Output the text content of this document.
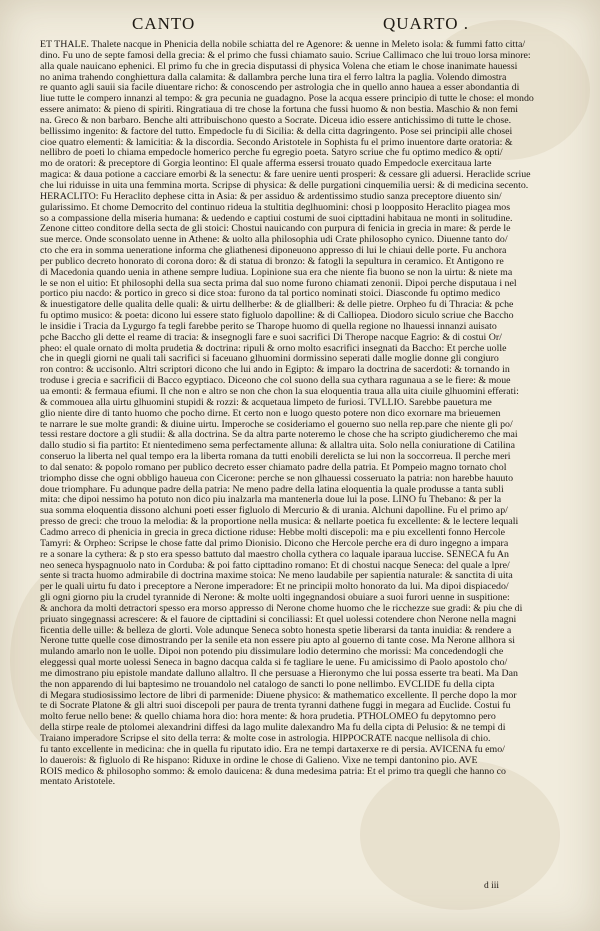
CANTO	QUARTO .
ET THALE. Thalete nacque in Phenicia della nobile schiatta del re Agenore: & uenne in Meleto isola: & fummi fatto citta/
dino. Fu uno de septe famosi della grecia: & el primo che fussi chiamato sauio. Scriue Callimaco che lui trouo lorsa minore:
alla quale nauicano ephenici. El primo fu che in grecia disputassi di physica Volena che etiam le chose inanimate hauessi
no anima trahendo conghiettura dalla calamita: & dallambra perche luna tira el ferro laltra la paglia. Volendo dimostra
re quanto agli sauii sia facile diuentare richo: & conoscendo per astrologia che in quello anno hauea a esser abondantia di
liue tutte le compero innanzi al tempo: & gra pecunia ne guadagno. Pose la acqua essere principio di tutte le chose: el mondo
essere animato: & pieno di spiriti. Ringratiaua di tre chose la fortuna che fussi huomo & non bestia. Maschio & non femi
na. Greco & non barbaro. Benche alti attribuischono questo a Socrate. Diceua idio essere antichissimo di tutte le chose.
bellissimo ingenito: & factore del tutto. Empedocle fu di Sicilia: & della citta dagringento. Pose sei principii alle chosei
cioe quatro elementi: & lamicitia: & la discordia. Secondo Aristotele in Sophista fu el primo inuentore darte oratoria: &
nellibro de poeti lo chiama empedocle homerico perche fu egregio poeta. Satyro scriue che fu optimo medico & opti/
mo de oratori: & preceptore di Gorgia leontino: El quale afferma essersi trouato quado Empedocle exercitaua larte
magica: & daua potione a cacciare emorbi & la senectu: & fare uenire uenti prosperi: & cessare gli aduersi. Heraclide scriue
che lui riduisse in uita una femmina morta. Scripse di physica: & delle purgationi cinquemilia uersi: & di medicina secento.
HERACLITO: Fu Heraclito dephese citta in Asia: & per assiduo & ardentissimo studio sanza preceptore diuento sin/
gularissimo. Et chome Democrito del continuo rideua la stultitia deglhuomini: chosi p loopposito Heraclito piagea mos
so a compassione della miseria humana: & uedendo e captiui costumi de suoi cipttadini habitaua ne monti in solitudine.
Zenone citteo conditore della secta de gli stoici: Chostui nauicando con purpura di fenicia in grecia in mare: & perde le
sue merce. Onde sconsolato uenne in Athene: & uolto alla philosophia udi Crate philosopho cynico. Diuenne tanto do/
cto che era in somma ueneratione informa che gliathenesi diponeuono appresso di lui le chiaui delle porte. Fu anchora
per publico decreto honorato di corona doro: & di statua di bronzo: & fatogli la sepultura in ceramico. Et Antigono re
di Macedonia quando uenia in athene sempre ludiua. Lopinione sua era che niente fia buono se non la uirtu: & niete ma
le se non el uitio: Et philosophi della sua secta prima dal suo nome furono chiamati zenonii. Dipoi perche disputaua i nel
portico piu nacdo: & portico in greco si dice stoa: furono da tal portico nominati stoici. Diasconde fu optimo medico
& inuestigatore delle qualita delle quali: & uirtu dellherbe: & de gliallberi: & delle pietre. Orpheo fu di Thracia: & pche
fu optimo musico: & poeta: dicono lui essere stato figluolo dapolline: & di Calliopea. Diodoro siculo scriue che Baccho
le insidie i Tracia da Lygurgo fa tegli farebbe perito se Tharope huomo di quella regione no lhauessi innanzi auisato
pche Baccho gli dette el reame di tracia: & insegnogli fare e suoi sacrifici Di Therope nacque Eagrio: & di costui Or/
pheo: el quale ornato di molta prudetia & doctrina: ripuli & orno molto esacrifici insegnati da Baccho: Et perche uolle
che in quegli giorni ne quali tali sacrifici si faceuano glhuomini dormissino seperati dalle moglie donne gli congiuro
ron contro: & uccisonlo. Altri scriptori dicono che lui ando in Egipto: & imparo la doctrina de sacerdoti: & tornando in
troduse i grecia e sacrificii di Bacco egyptiaco. Diceono che col suono della sua cythara ragunaua a se le fiere: & moue
ua emonti: & fermaua efiumi. Il che non e altro se non che chon la sua eloquentia traua alla uita ciuile glhuomini efferati:
& commouea alla uirtu glhuomini stupidi & rozzi: & acquetaua limpeto de furiosi. TVLLIO. Sarebbe pauetura me
glio niente dire di tanto huomo che pocho dirne. Et certo non e luogo questo potere non dico exornare ma brieuemen
te narrare le sue molte grandi: & diuine uirtu. Imperoche se cosideriamo el gouerno suo nella rep.pare che niente gli po/
tessi restare doctore a gli studii: & alla doctrina. Se da altra parte noteremo le chose che ha scripto giudicheremo che mai
dallo studio si fia partito: Et nientedimeno sema perfectamente alluna: & allaltra uita. Solo nella coniuratione di Catilina
conseruo la liberta nel qual tempo era la liberta romana da tutti enobili derelicta se lui non la soccorreua. Il perche meri
to dal senato: & popolo romano per publico decreto esser chiamato padre della patria. Et Pompeio magno tornato chol
triompho disse che ogni obbligo haueua con Cicerone: perche se non glhauessi cosseruato la patria: non harebbe hauuto
doue triomphare. Fu adunque padre della patria: Ne meno padre della latina eloquentia la quale produsse a tanta subli
mita: che dipoi nessimo ha potuto non dico piu inalzarla ma mantenerla doue lui la pose. LINO fu Thebano: & per la
sua somma eloquentia dissono alchuni poeti esser figluolo di Mercurio & di urania. Alchuni dapolline. Fu el primo ap/
presso de greci: che trouo la melodia: & la proportione nella musica: & nellarte poetica fu excellente: & le lectere lequali
Cadmo arreco di phenicia in grecia in greca dictione riduse: Hebbe molti discepoli: ma e piu excellenti fonno Hercole
Tamyri: & Orpheo: Scripse le chose fatte dal primo Dionisio. Dicono che Hercole perche era di duro ingegno a impara
re a sonare la cythera: & p sto era spesso battuto dal maestro cholla cythera co laquale iparaua luccise. SENECA fu An
neo seneca hyspagnuolo nato in Corduba: & poi fatto cipttadino romano: Et di chostui nacque Seneca: del quale a lpre/
sente si tracta huomo admirabile di doctrina maxime stoica: Ne meno laudabile per sapientia naturale: & sanctita di uita
per le quali uirtu fu dato i preceptore a Nerone imperadore: Et ne principii molto honorato da lui. Ma dipoi dispiacedo/
gli ogni giorno piu la crudel tyrannide di Nerone: & molte uolti ingegnandosi obuiare a suoi furori uenne in suspitione:
& anchora da molti detractori spesso era morso appresso di Nerone chome huomo che le ricchezze sue gradi: & piu che di
priuato singegnassi acrescere: & el fauore de cipttadini si conciliassi: Et quel uolessi cotendere chon Nerone nella magni
ficentia delle uille: & belleza de glorti. Vole adunque Seneca sobto honesta spetie liberarsi da tanta inuidia: & rendere a
Nerone tutte quelle cose dimostrando per la senile eta non essere piu apto al gouerno di tante cose. Ma Nerone allhora si
mulando amarlo non le uolle. Dipoi non potendo piu dissimulare lodio determino che morissi: Ma concedendogli che
eleggessi qual morte uolessi Seneca in bagno dacqua calda si fe tagliare le uene. Fu amicissimo di Paolo apostolo cho/
me dimostrano piu epistole mandate dalluno allaltro. Il che persuase a Hieronymo che lui possa esserte tra beati. Ma Dan
the non apparendo di lui baptesimo ne trouandolo nel catalogo de sancti lo pone nellimbo. EVCLIDE fu della cipta
di Megara studiosissimo lectore de libri di parmenide: Diuene physico: & mathematico excellente. Il perche dopo la mor
te di Socrate Platone & gli altri suoi discepoli per paura de trenta tyranni dathene fuggi in megara ad Euclide. Costui fu
molto ferue nello bene: & quello chiama hora dio: hora mente: & hora prudetia. PTHOLOMEO fu depytomno pero
della stirpe reale de ptolomei alexandrini diffesi da lago mulite dalexandro Ma fu della cipta di Pelusio: & ne tempi di
Traiano imperadore Scripse el sito della terra: & molte cose in astrologia. HIPPOCRATE nacque nellisola di chio.
fu tanto excellente in medicina: che in quella fu riputato idio. Era ne tempi dartaxerxe re di persia. AVICENA fu emo/
lo dauerois: & figluolo di Re hispano: Riduxe in ordine le chose di Galieno. Vixe ne tempi dantonino pio. AVE
ROIS medico & philosopho sommo: & emolo dauicena: & duna medesima patria: Et el primo tra quegli che hanno co
mentato Aristotele.
d iii
